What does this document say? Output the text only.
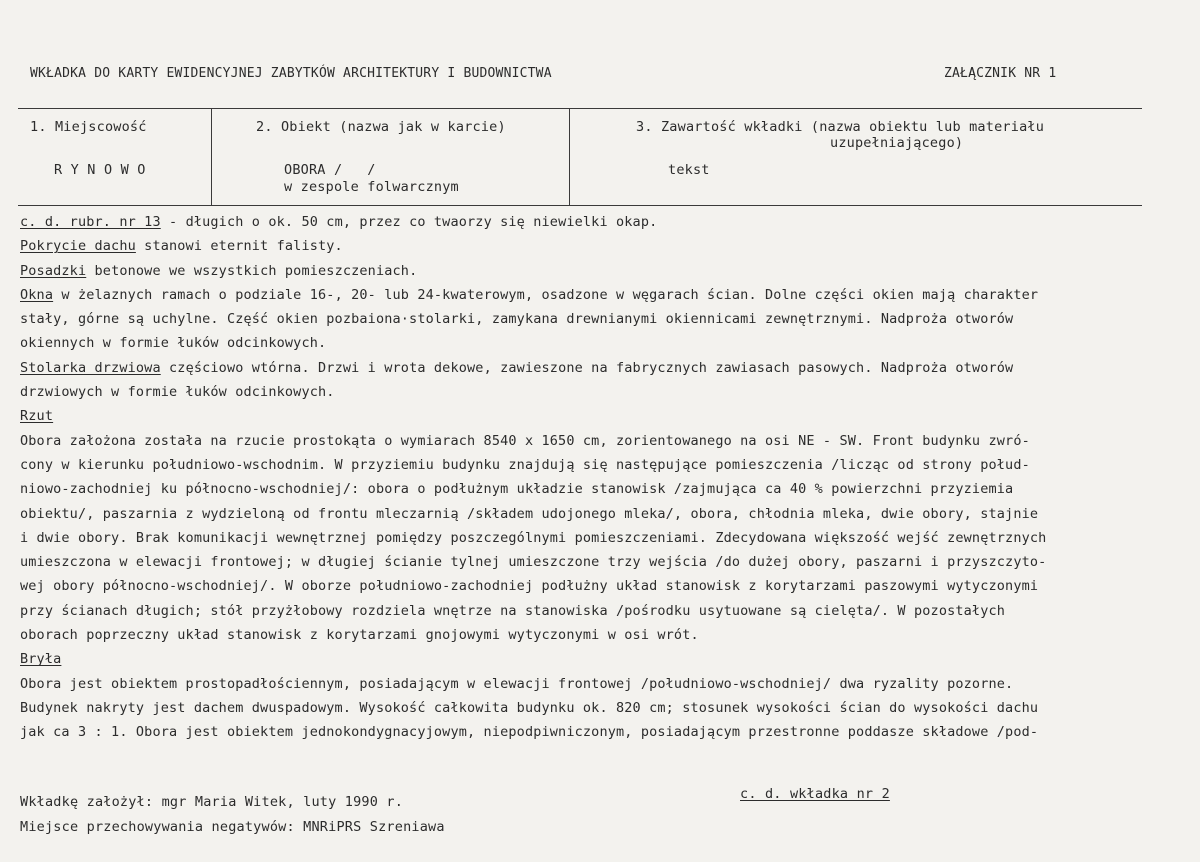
WKŁADKA DO KARTY EWIDENCYJNEJ ZABYTKÓW ARCHITEKTURY I BUDOWNICTWA	ZAŁĄCZNIK NR 1
1. Miejscowość
R Y N O W O
2. Obiekt (nazwa jak w karcie)
OBORA /   /
w zespole folwarcznym
3. Zawartość wkładki (nazwa obiektu lub materiału
uzupełniającego)
tekst
c. d. rubr. nr 13 - długich o ok. 50 cm, przez co twaorzy się niewielki okap.
Pokrycie dachu stanowi eternit falisty.
Posadzki betonowe we wszystkich pomieszczeniach.
Okna w żelaznych ramach o podziale 16-, 20- lub 24-kwaterowym, osadzone w węgarach ścian. Dolne części okien mają charakter
stały, górne są uchylne. Część okien pozbaiona·stolarki, zamykana drewnianymi okiennicami zewnętrznymi. Nadproża otworów
okiennych w formie łuków odcinkowych.
Stolarka drzwiowa częściowo wtórna. Drzwi i wrota dekowe, zawieszone na fabrycznych zawiasach pasowych. Nadproża otworów
drzwiowych w formie łuków odcinkowych.
Rzut
Obora założona została na rzucie prostokąta o wymiarach 8540 x 1650 cm, zorientowanego na osi NE - SW. Front budynku zwró-
cony w kierunku południowo-wschodnim. W przyziemiu budynku znajdują się następujące pomieszczenia /licząc od strony połud-
niowo-zachodniej ku północno-wschodniej/: obora o podłużnym układzie stanowisk /zajmująca ca 40 % powierzchni przyziemia
obiektu/, paszarnia z wydzieloną od frontu mleczarnią /składem udojonego mleka/, obora, chłodnia mleka, dwie obory, stajnie
i dwie obory. Brak komunikacji wewnętrznej pomiędzy poszczególnymi pomieszczeniami. Zdecydowana większość wejść zewnętrznych
umieszczona w elewacji frontowej; w długiej ścianie tylnej umieszczone trzy wejścia /do dużej obory, paszarni i przyszczyto-
wej obory północno-wschodniej/. W oborze południowo-zachodniej podłużny układ stanowisk z korytarzami paszowymi wytyczonymi
przy ścianach długich; stół przyżłobowy rozdziela wnętrze na stanowiska /pośrodku usytuowane są cielęta/. W pozostałych
oborach poprzeczny układ stanowisk z korytarzami gnojowymi wytyczonymi w osi wrót.
Bryła
Obora jest obiektem prostopadłościennym, posiadającym w elewacji frontowej /południowo-wschodniej/ dwa ryzality pozorne.
Budynek nakryty jest dachem dwuspadowym. Wysokość całkowita budynku ok. 820 cm; stosunek wysokości ścian do wysokości dachu
jak ca 3 : 1. Obora jest obiektem jednokondygnacyjowym, niepodpiwniczonym, posiadającym przestronne poddasze składowe /pod-
Wkładkę założył: mgr Maria Witek, luty 1990 r.	c. d. wkładka nr 2
Miejsce przechowywania negatywów: MNRiPRS Szreniawa
